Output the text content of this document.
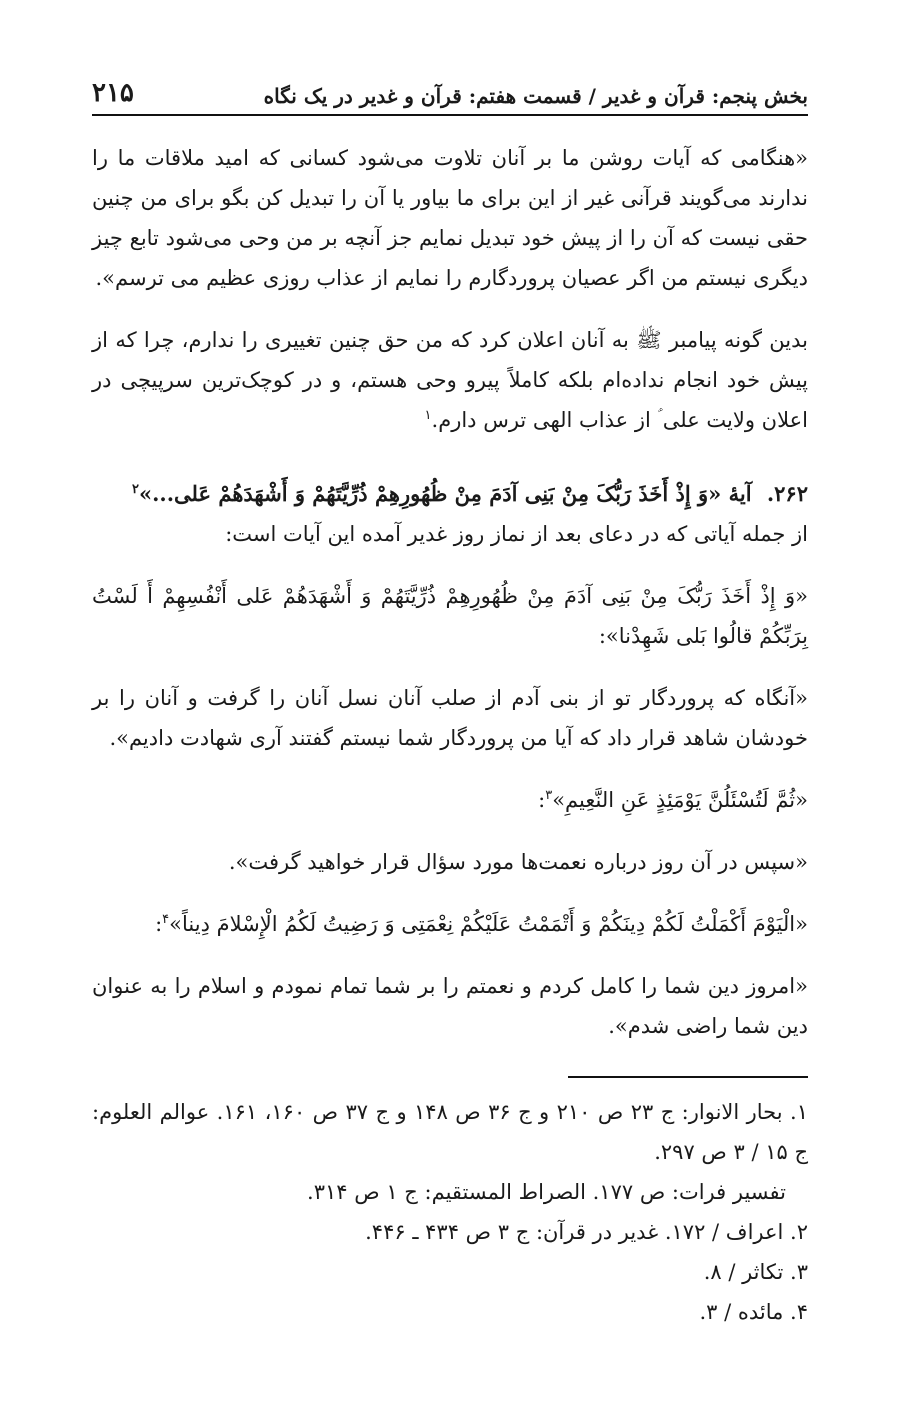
بخش پنجم: قرآن و غدیر / قسمت هفتم: قرآن و غدیر در یک نگاه
۲۱۵

«هنگامی که آیات روشن ما بر آنان تلاوت می‌شود کسانی که امید ملاقات ما را ندارند می‌گویند قرآنی غیر از این برای ما بیاور یا آن را تبدیل کن بگو برای من چنین حقی نیست که آن را از پیش خود تبدیل نمایم جز آنچه بر من وحی می‌شود تابع چیز دیگری نیستم من اگر عصیان پروردگارم را نمایم از عذاب روزی عظیم می ترسم».

بدین گونه پیامبر ﷺ به آنان اعلان کرد که من حق چنین تغییری را ندارم، چرا که از پیش خود انجام نداده‌ام بلکه کاملاً پیرو وحی هستم، و در کوچک‌ترین سرپیچی در اعلان ولایت علی ؑ از عذاب الهی ترس دارم.$^۱$

۲۶۲. آیهٔ «وَ إِذْ أَخَذَ رَبُّکَ مِنْ بَنِی آدَمَ مِنْ ظُهُورِهِمْ ذُرِّیَّتَهُمْ وَ أَشْهَدَهُمْ عَلی...»$^۲$

از جمله آیاتی که در دعای بعد از نماز روز غدیر آمده این آیات است:

«وَ إِذْ أَخَذَ رَبُّکَ مِنْ بَنِی آدَمَ مِنْ ظُهُورِهِمْ ذُرِّیَّتَهُمْ وَ أَشْهَدَهُمْ عَلی أَنْفُسِهِمْ أَ لَسْتُ بِرَبِّکُمْ قالُوا بَلی شَهِدْنا»:

«آنگاه که پروردگار تو از بنی آدم از صلب آنان نسل آنان را گرفت و آنان را بر خودشان شاهد قرار داد که آیا من پروردگار شما نیستم گفتند آری شهادت دادیم».

«ثُمَّ لَتُسْئَلُنَّ یَوْمَئِذٍ عَنِ النَّعِیمِ»$^۳$:

«سپس در آن روز درباره نعمت‌ها مورد سؤال قرار خواهید گرفت».

«الْیَوْمَ أَکْمَلْتُ لَکُمْ دِینَکُمْ وَ أَتْمَمْتُ عَلَیْکُمْ نِعْمَتِی وَ رَضِیتُ لَکُمُ الْإِسْلامَ دِیناً»$^۴$:

«امروز دین شما را کامل کردم و نعمتم را بر شما تمام نمودم و اسلام را به عنوان دین شما راضی شدم».

۱. بحار الانوار: ج ۲۳ ص ۲۱۰ و ج ۳۶ ص ۱۴۸ و ج ۳۷ ص ۱۶۰، ۱۶۱. عوالم العلوم: ج ۱۵ / ۳ ص ۲۹۷.

تفسیر فرات: ص ۱۷۷. الصراط المستقیم: ج ۱ ص ۳۱۴.

۲. اعراف / ۱۷۲. غدیر در قرآن: ج ۳ ص ۴۳۴ ـ ۴۴۶.

۳. تکاثر / ۸.

۴. مائده / ۳.
